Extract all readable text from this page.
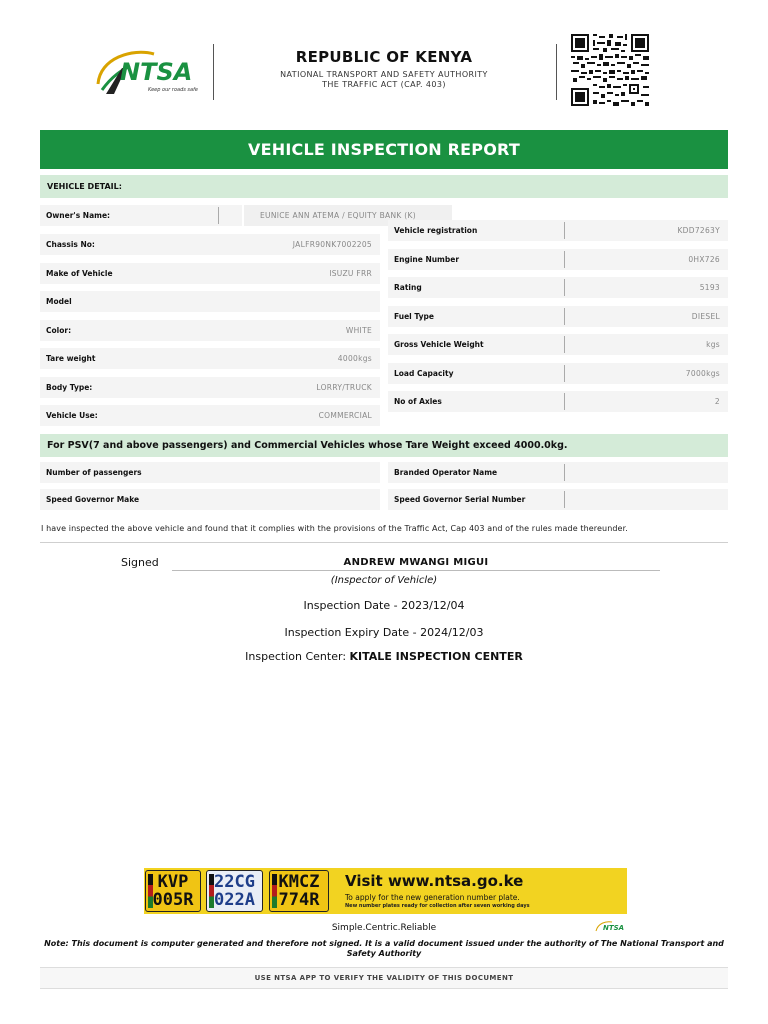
NTSA
Keep our roads safe
REPUBLIC OF KENYA
NATIONAL TRANSPORT AND SAFETY AUTHORITY
THE TRAFFIC ACT (CAP. 403)
VEHICLE INSPECTION REPORT
VEHICLE DETAIL:
Owner's Name:	EUNICE ANN ATEMA / EQUITY BANK (K)
Chassis No:	JALFR90NK7002205
Make of Vehicle	ISUZU FRR
Model
Color:	WHITE
Tare weight	4000kgs
Body Type:	LORRY/TRUCK
Vehicle Use:	COMMERCIAL
Vehicle registration	KDD7263Y
Engine Number	0HX726
Rating	5193
Fuel Type	DIESEL
Gross Vehicle Weight	kgs
Load Capacity	7000kgs
No of Axles	2
For PSV(7 and above passengers) and Commercial Vehicles whose Tare Weight exceed 4000.0kg.
Number of passengers
Speed Governor Make
Branded Operator Name
Speed Governor Serial Number
I have inspected the above vehicle and found that it complies with the provisions of the Traffic Act, Cap 403 and of the rules made thereunder.
Signed	ANDREW MWANGI MIGUI
(Inspector of Vehicle)
Inspection Date - 2023/12/04
Inspection Expiry Date - 2024/12/03
Inspection Center: KITALE INSPECTION CENTER
KVP
005R
22CG
022A
KMCZ
774R
Visit www.ntsa.go.ke
To apply for the new generation number plate.
New number plates ready for collection after seven working days
Simple.Centric.Reliable	NTSA
Note: This document is computer generated and therefore not signed. It is a valid document issued under the authority of The National Transport and Safety Authority
USE NTSA APP TO VERIFY THE VALIDITY OF THIS DOCUMENT
